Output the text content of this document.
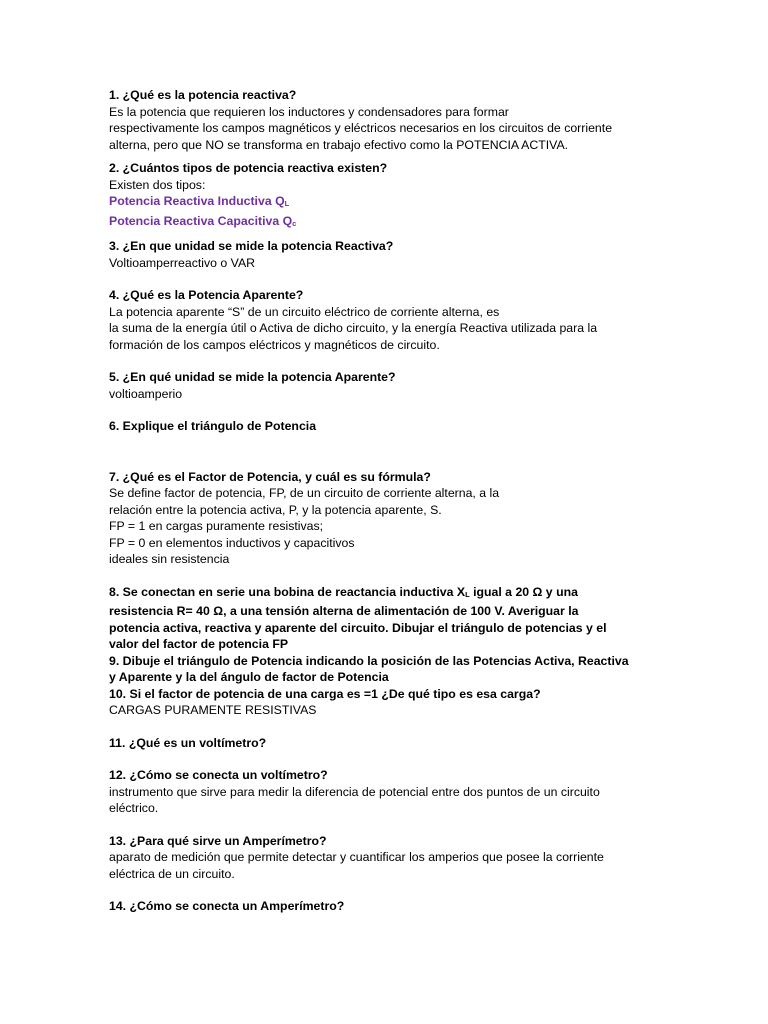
1. ¿Qué es la potencia reactiva?

Es la potencia que requieren los inductores y condensadores para formar

respectivamente los campos magnéticos y eléctricos necesarios en los circuitos de corriente

alterna, pero que NO se transforma en trabajo efectivo como la POTENCIA ACTIVA.

2. ¿Cuántos tipos de potencia reactiva existen?

Existen dos tipos:

Potencia Reactiva Inductiva $Q_L$

Potencia Reactiva Capacitiva $Q_c$

3. ¿En que unidad se mide la potencia Reactiva?

Voltioamperreactivo o VAR

4. ¿Qué es la Potencia Aparente?

La potencia aparente “S” de un circuito eléctrico de corriente alterna, es

la suma de la energía útil o Activa de dicho circuito, y la energía Reactiva utilizada para la

formación de los campos eléctricos y magnéticos de circuito.

5. ¿En qué unidad se mide la potencia Aparente?

voltioamperio

6. Explique el triángulo de Potencia

7. ¿Qué es el Factor de Potencia, y cuál es su fórmula?

Se define factor de potencia, FP, de un circuito de corriente alterna, a la

relación entre la potencia activa, P, y la potencia aparente, S.

FP = 1 en cargas puramente resistivas;

FP = 0 en elementos inductivos y capacitivos

ideales sin resistencia

8. Se conectan en serie una bobina de reactancia inductiva $X_L$ igual a 20 Ω y una

resistencia R= 40 Ω, a una tensión alterna de alimentación de 100 V. Averiguar la

potencia activa, reactiva y aparente del circuito. Dibujar el triángulo de potencias y el

valor del factor de potencia FP

9. Dibuje el triángulo de Potencia indicando la posición de las Potencias Activa, Reactiva

y Aparente y la del ángulo de factor de Potencia

10. Si el factor de potencia de una carga es =1 ¿De qué tipo es esa carga?

CARGAS PURAMENTE RESISTIVAS

11. ¿Qué es un voltímetro?

12. ¿Cómo se conecta un voltímetro?

instrumento que sirve para medir la diferencia de potencial entre dos puntos de un circuito

eléctrico.

13. ¿Para qué sirve un Amperímetro?

aparato de medición que permite detectar y cuantificar los amperios que posee la corriente

eléctrica de un circuito.

14. ¿Cómo se conecta un Amperímetro?
